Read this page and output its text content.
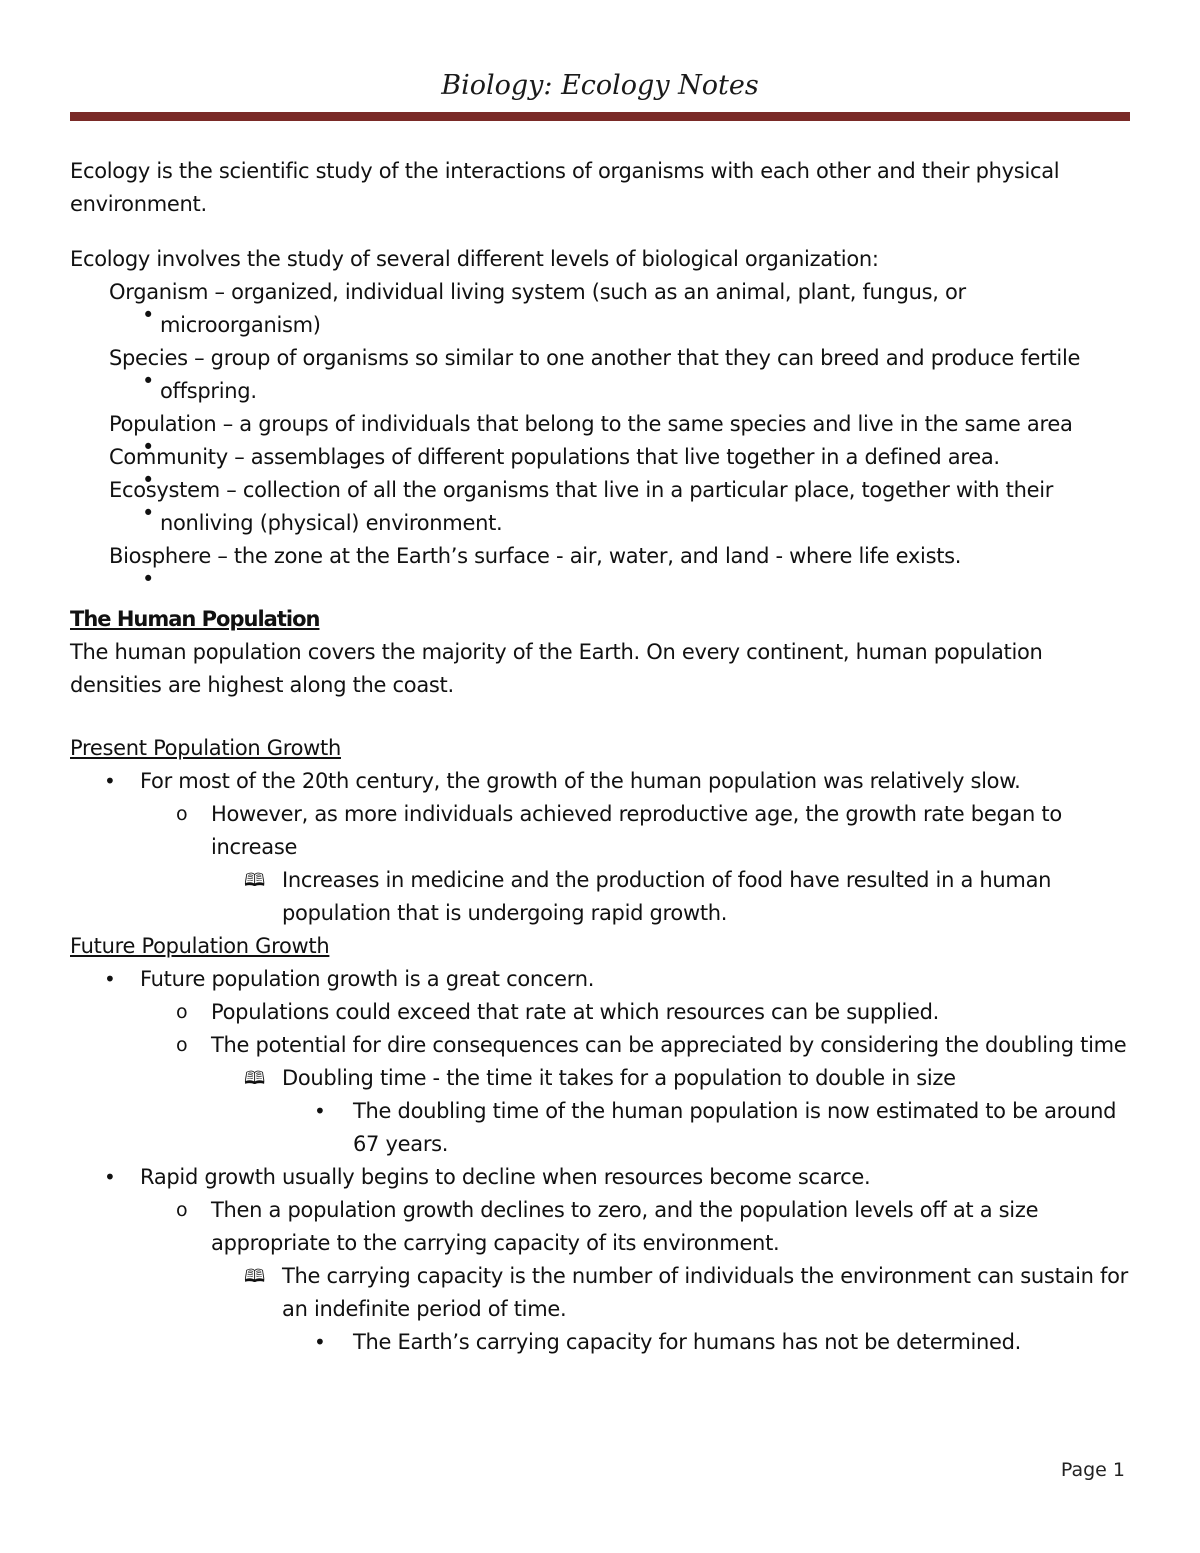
Biology: Ecology Notes

Ecology is the scientific study of the interactions of organisms with each other and their physical environment.

Ecology involves the study of several different levels of biological organization:

Organism – organized, individual living system (such as an animal, plant, fungus, or microorganism)
Species – group of organisms so similar to one another that they can breed and produce fertile offspring.
Population – a groups of individuals that belong to the same species and live in the same area
Community – assemblages of different populations that live together in a defined area.
Ecosystem – collection of all the organisms that live in a particular place, together with their nonliving (physical) environment.
Biosphere – the zone at the Earth’s surface - air, water, and land - where life exists.

The Human Population

The human population covers the majority of the Earth. On every continent, human population densities are highest along the coast.

Present Population Growth

• For most of the 20th century, the growth of the human population was relatively slow.
o However, as more individuals achieved reproductive age, the growth rate began to increase
🕮 Increases in medicine and the production of food have resulted in a human population that is undergoing rapid growth.

Future Population Growth

• Future population growth is a great concern.
o Populations could exceed that rate at which resources can be supplied.
o The potential for dire consequences can be appreciated by considering the doubling time
🕮 Doubling time - the time it takes for a population to double in size
• The doubling time of the human population is now estimated to be around 67 years.
• Rapid growth usually begins to decline when resources become scarce.
o Then a population growth declines to zero, and the population levels off at a size appropriate to the carrying capacity of its environment.
🕮 The carrying capacity is the number of individuals the environment can sustain for an indefinite period of time.
• The Earth’s carrying capacity for humans has not be determined.
Page 1
